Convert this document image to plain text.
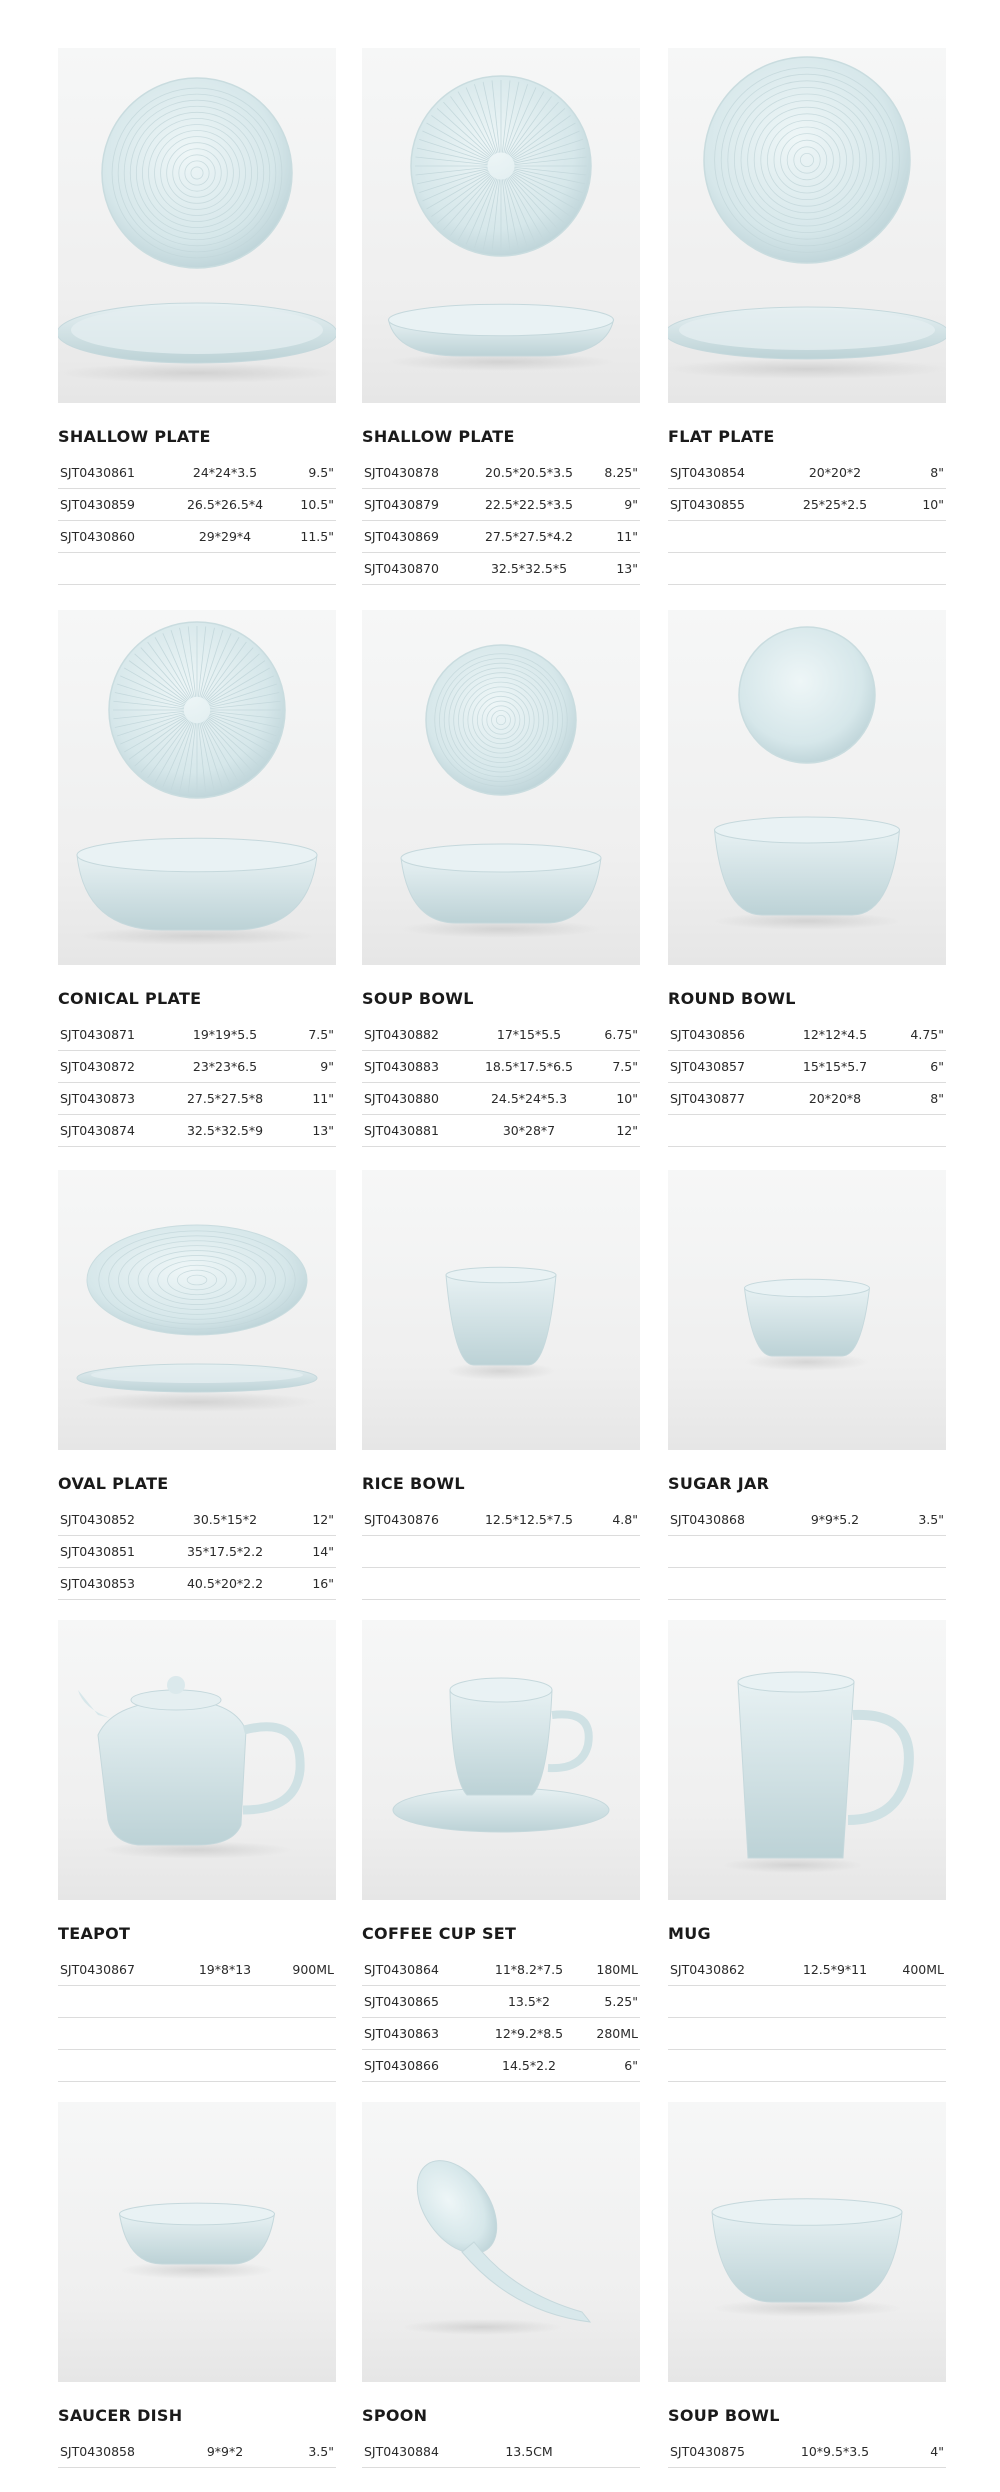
SHALLOW PLATE
SJT0430861	24*24*3.5	9.5"
SJT0430859	26.5*26.5*4	10.5"
SJT0430860	29*29*4	11.5"
SHALLOW PLATE
SJT0430878	20.5*20.5*3.5	8.25"
SJT0430879	22.5*22.5*3.5	9"
SJT0430869	27.5*27.5*4.2	11"
SJT0430870	32.5*32.5*5	13"
FLAT PLATE
SJT0430854	20*20*2	8"
SJT0430855	25*25*2.5	10"
CONICAL PLATE
SJT0430871	19*19*5.5	7.5"
SJT0430872	23*23*6.5	9"
SJT0430873	27.5*27.5*8	11"
SJT0430874	32.5*32.5*9	13"
SOUP BOWL
SJT0430882	17*15*5.5	6.75"
SJT0430883	18.5*17.5*6.5	7.5"
SJT0430880	24.5*24*5.3	10"
SJT0430881	30*28*7	12"
ROUND BOWL
SJT0430856	12*12*4.5	4.75"
SJT0430857	15*15*5.7	6"
SJT0430877	20*20*8	8"
OVAL PLATE
SJT0430852	30.5*15*2	12"
SJT0430851	35*17.5*2.2	14"
SJT0430853	40.5*20*2.2	16"
RICE BOWL
SJT0430876	12.5*12.5*7.5	4.8"
SUGAR JAR
SJT0430868	9*9*5.2	3.5"
TEAPOT
SJT0430867	19*8*13	900ML
COFFEE CUP SET
SJT0430864	11*8.2*7.5	180ML
SJT0430865	13.5*2	5.25"
SJT0430863	12*9.2*8.5	280ML
SJT0430866	14.5*2.2	6"
MUG
SJT0430862	12.5*9*11	400ML
SAUCER DISH
SJT0430858	9*9*2	3.5"
SPOON
SJT0430884	13.5CM
SOUP BOWL
SJT0430875	10*9.5*3.5	4"
